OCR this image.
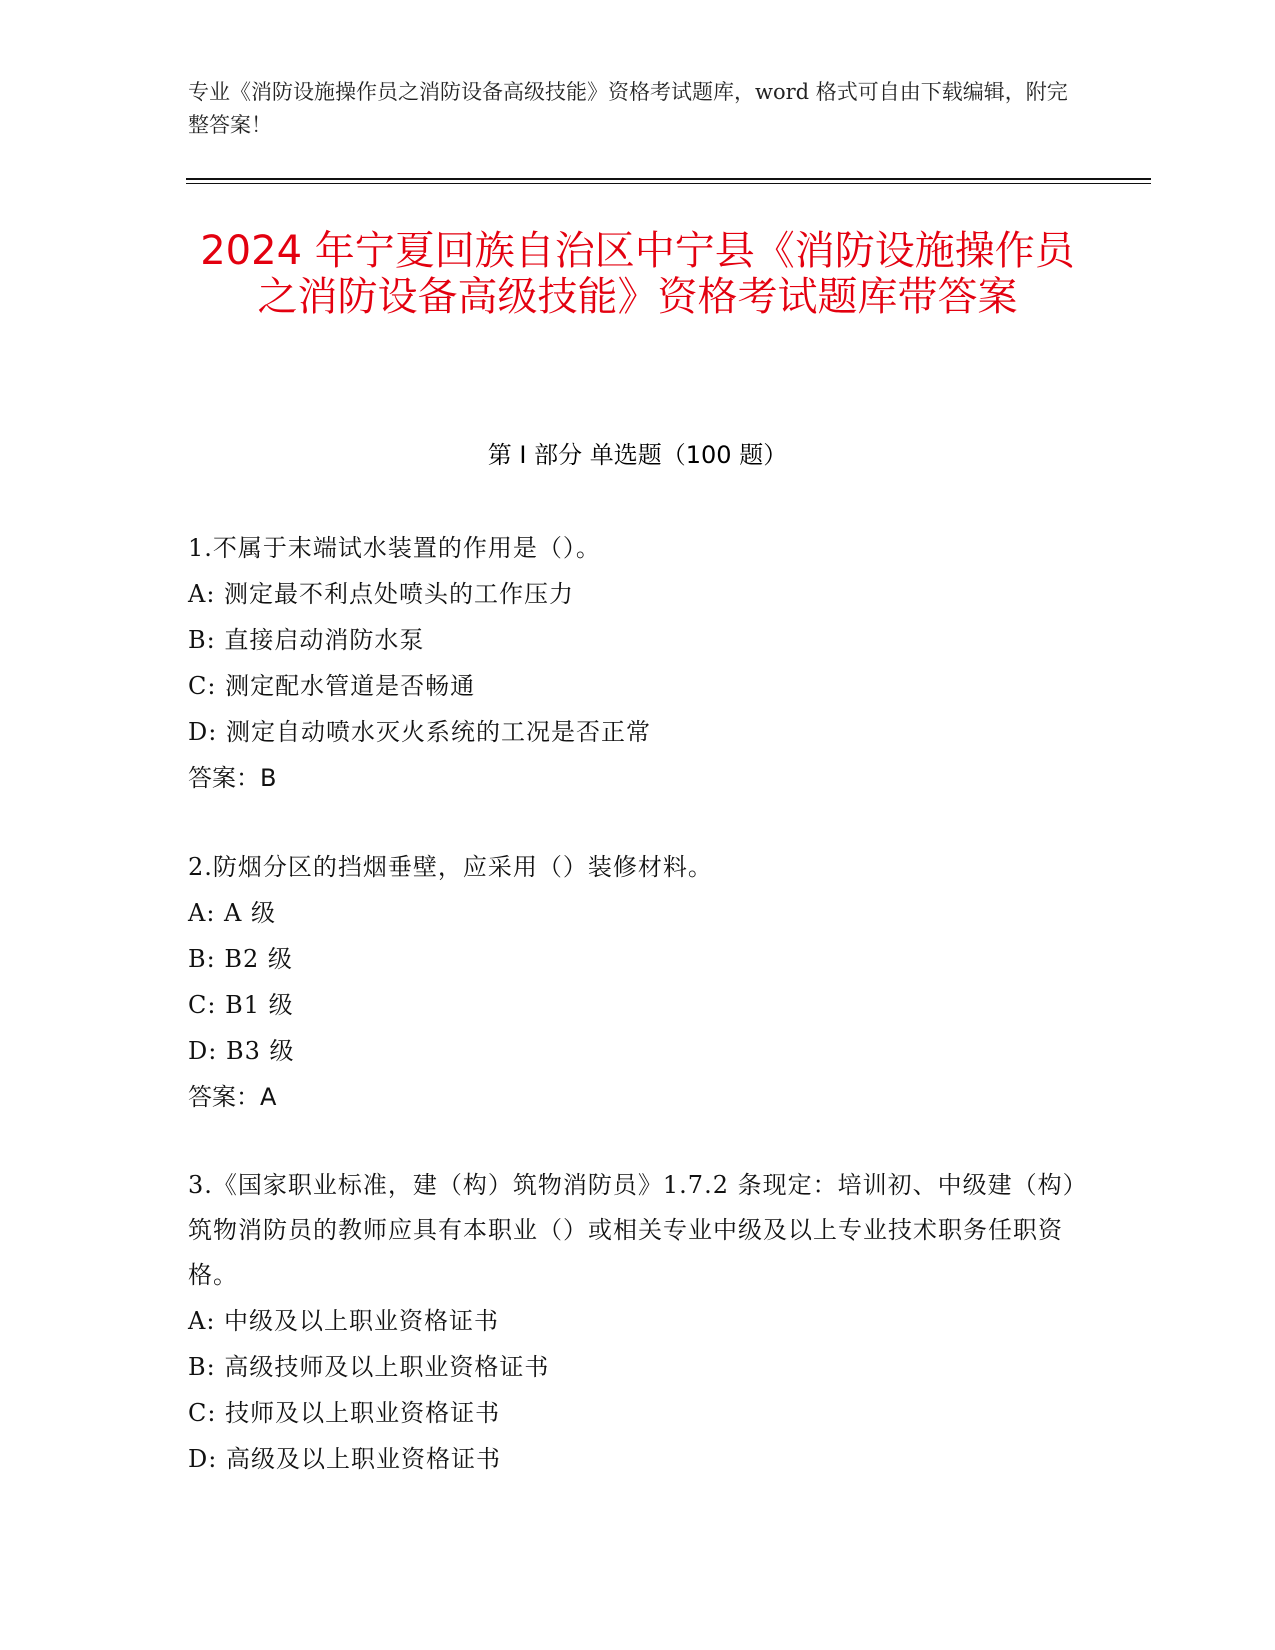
专业《消防设施操作员之消防设备高级技能》资格考试题库，word 格式可自由下载编辑，附完整答案！
2024 年宁夏回族自治区中宁县《消防设施操作员之消防设备高级技能》资格考试题库带答案
第 I 部分 单选题（100 题）
1.不属于末端试水装置的作用是（）。
A: 测定最不利点处喷头的工作压力
B: 直接启动消防水泵
C: 测定配水管道是否畅通
D: 测定自动喷水灭火系统的工况是否正常
答案：B
2.防烟分区的挡烟垂壁，应采用（）装修材料。
A: A 级
B: B2 级
C: B1 级
D: B3 级
答案：A
3.《国家职业标准，建（构）筑物消防员》1.7.2 条现定：培训初、中级建（构）筑物消防员的教师应具有本职业（）或相关专业中级及以上专业技术职务任职资格。
A: 中级及以上职业资格证书
B: 高级技师及以上职业资格证书
C: 技师及以上职业资格证书
D: 高级及以上职业资格证书
